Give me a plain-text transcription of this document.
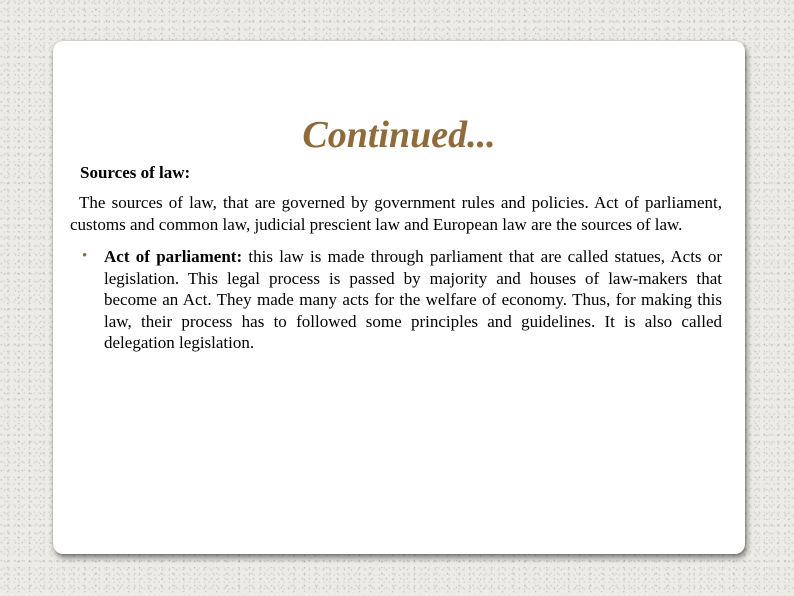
Continued...
Sources of law:

The sources of law, that are governed by government rules and policies. Act of parliament, customs and common law, judicial prescient law and European law are the sources of law.

• Act of parliament: this law is made through parliament that are called statues, Acts or legislation. This legal process is passed by majority and houses of law-makers that become an Act. They made many acts for the welfare of economy. Thus, for making this law, their process has to followed some principles and guidelines. It is also called delegation legislation.
